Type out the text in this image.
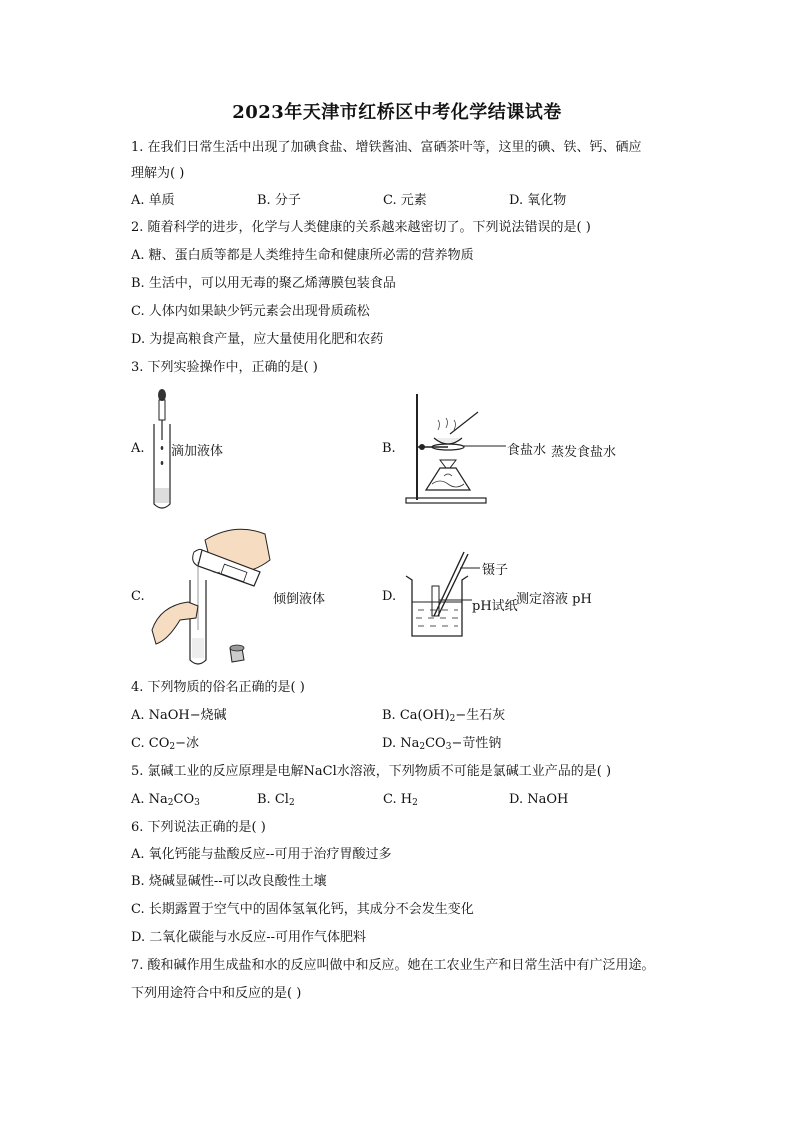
2023年天津市红桥区中考化学结课试卷
1. 在我们日常生活中出现了加碘食盐、增铁酱油、富硒茶叶等，这里的碘、铁、钙、硒应
理解为( )
A. 单质	B. 分子	C. 元素	D. 氧化物
2. 随着科学的进步，化学与人类健康的关系越来越密切了。下列说法错误的是( )
A. 糖、蛋白质等都是人类维持生命和健康所必需的营养物质
B. 生活中，可以用无毒的聚乙烯薄膜包装食品
C. 人体内如果缺少钙元素会出现骨质疏松
D. 为提高粮食产量，应大量使用化肥和农药
3. 下列实验操作中，正确的是( )
A. 滴加液体	B.	食盐水 蒸发食盐水
C.	倾倒液体	D.
镊子
pH试纸
测定溶液 pH
4. 下列物质的俗名正确的是( )
A. NaOH−烧碱	B. $Ca(OH)_2-$生石灰
C. $CO_2-$冰	D. $Na_2CO_3-$苛性钠
5. 氯碱工业的反应原理是电解NaCl水溶液，下列物质不可能是氯碱工业产品的是( )
A. $Na_2CO_3$	B. $Cl_2$	C. $H_2$	D. NaOH
6. 下列说法正确的是( )
A. 氧化钙能与盐酸反应--可用于治疗胃酸过多
B. 烧碱显碱性--可以改良酸性土壤
C. 长期露置于空气中的固体氢氧化钙，其成分不会发生变化
D. 二氧化碳能与水反应--可用作气体肥料
7. 酸和碱作用生成盐和水的反应叫做中和反应。她在工农业生产和日常生活中有广泛用途。
下列用途符合中和反应的是( )
